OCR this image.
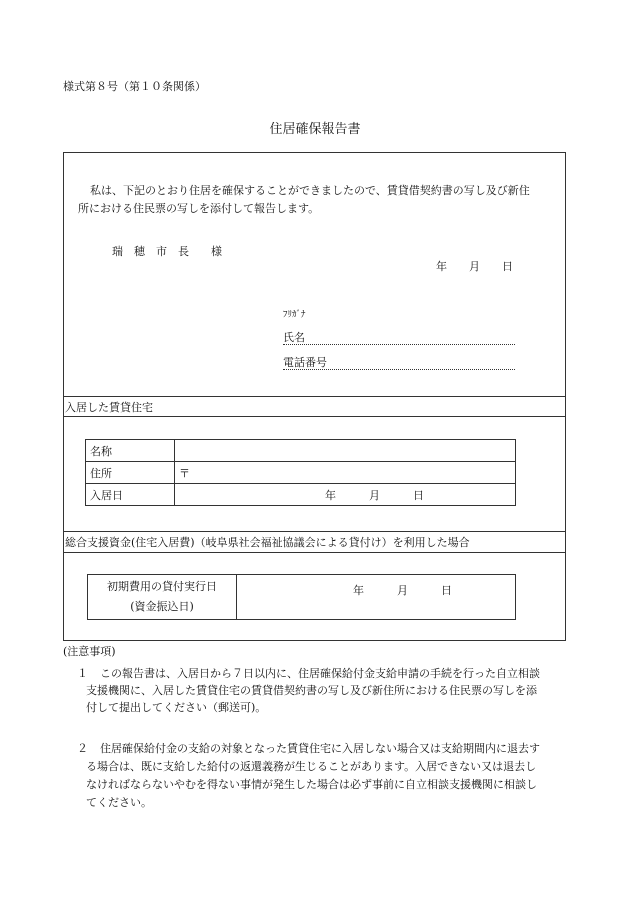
様式第８号（第１０条関係）
住居確保報告書
私は、下記のとおり住居を確保することができましたので、賃貸借契約書の写し及び新住
所における住民票の写しを添付して報告します。
瑞　穂　市　長　　様
年　　月　　日
ﾌﾘｶﾞﾅ
氏名
電話番号
入居した賃貸住宅
名称	
住所	〒
入居日	年　　　月　　　日
総合支援資金(住宅入居費)（岐阜県社会福祉協議会による貸付け）を利用した場合
初期費用の貸付実行日
(資金振込日)
	年　　　月　　　日
(注意事項)
１ この報告書は、入居日から７日以内に、住居確保給付金支給申請の手続を行った自立相談
支援機関に、入居した賃貸住宅の賃貸借契約書の写し及び新住所における住民票の写しを添
付して提出してください（郵送可)。
２ 住居確保給付金の支給の対象となった賃貸住宅に入居しない場合又は支給期間内に退去す
る場合は、既に支給した給付の返還義務が生じることがあります。入居できない又は退去し
なければならないやむを得ない事情が発生した場合は必ず事前に自立相談支援機関に相談し
てください。
